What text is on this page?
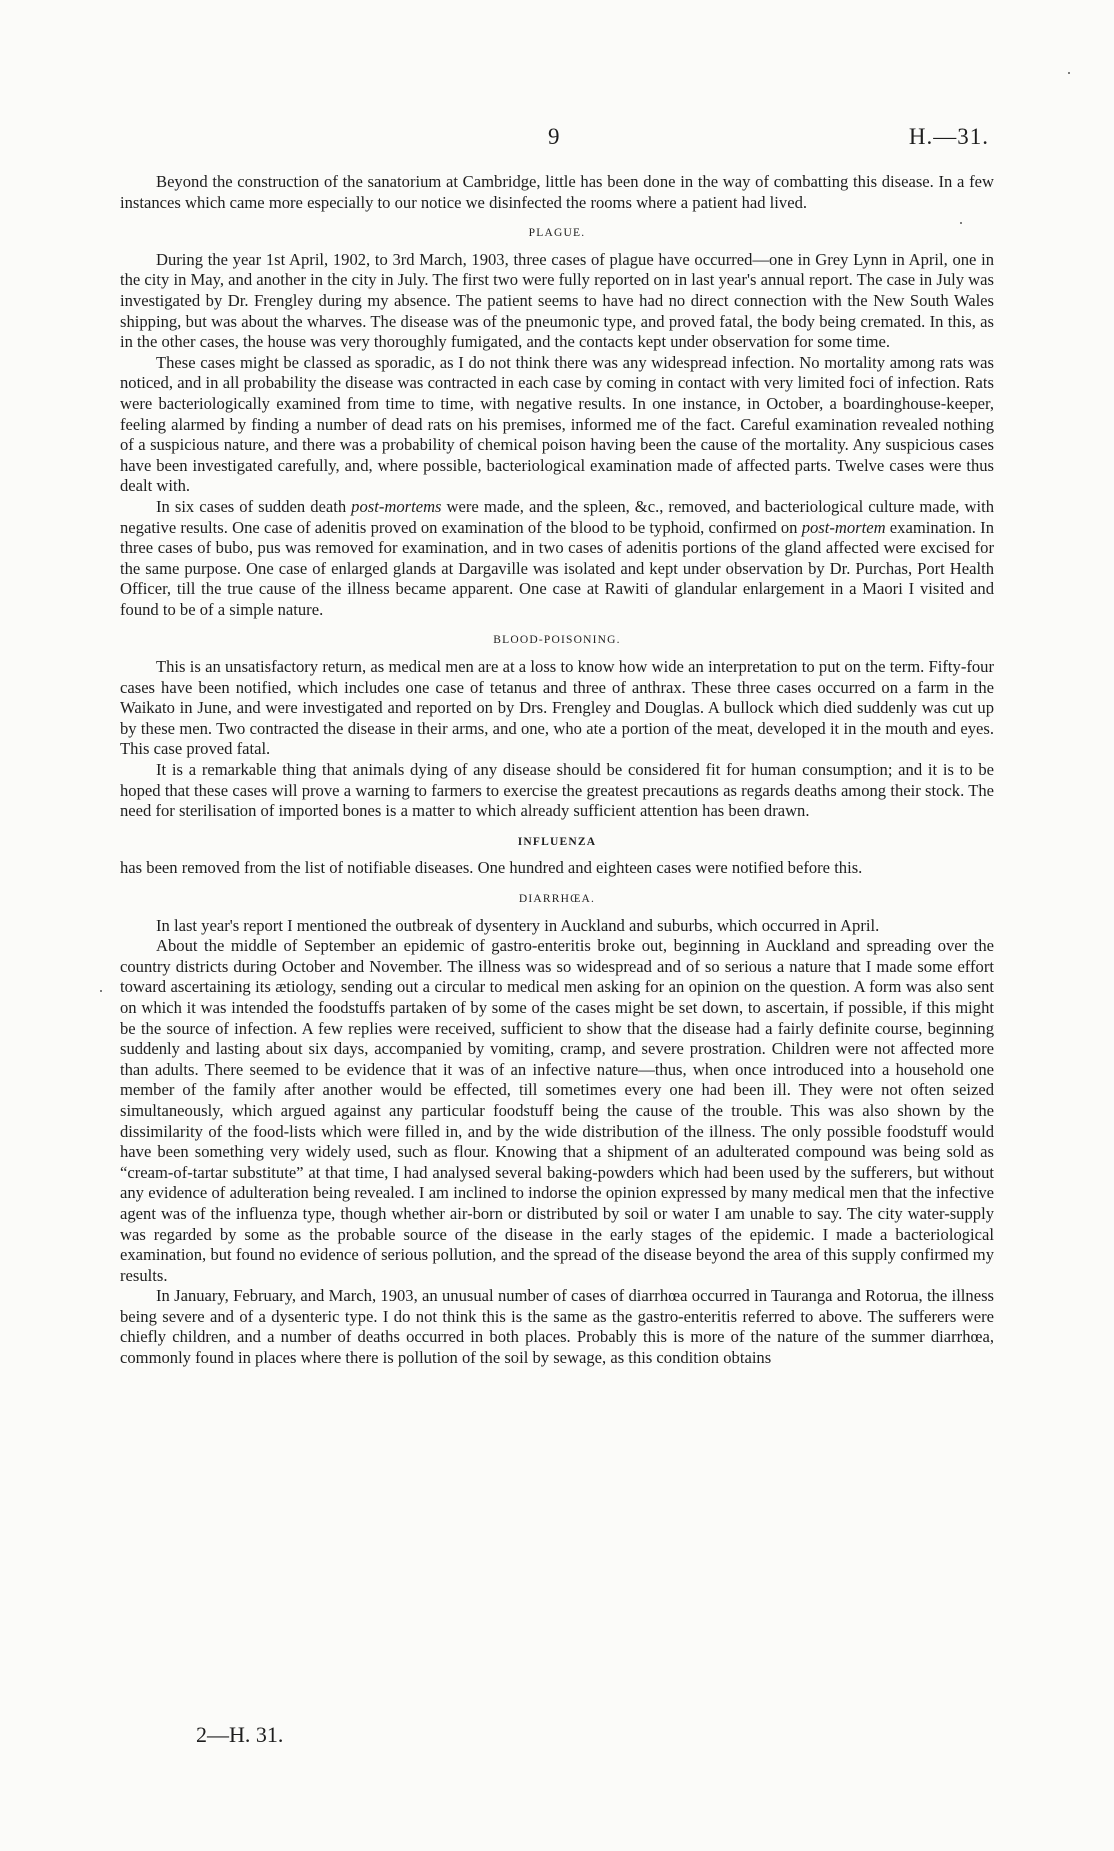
9	H.—31.

Beyond the construction of the sanatorium at Cambridge, little has been done in the way of combatting this disease. In a few instances which came more especially to our notice we disinfected the rooms where a patient had lived.

PLAGUE.

During the year 1st April, 1902, to 3rd March, 1903, three cases of plague have occurred—one in Grey Lynn in April, one in the city in May, and another in the city in July. The first two were fully reported on in last year's annual report. The case in July was investigated by Dr. Frengley during my absence. The patient seems to have had no direct connection with the New South Wales shipping, but was about the wharves. The disease was of the pneumonic type, and proved fatal, the body being cremated. In this, as in the other cases, the house was very thoroughly fumigated, and the contacts kept under observation for some time.

These cases might be classed as sporadic, as I do not think there was any widespread infection. No mortality among rats was noticed, and in all probability the disease was contracted in each case by coming in contact with very limited foci of infection. Rats were bacteriologically examined from time to time, with negative results. In one instance, in October, a boardinghouse-keeper, feeling alarmed by finding a number of dead rats on his premises, informed me of the fact. Careful examination revealed nothing of a suspicious nature, and there was a probability of chemical poison having been the cause of the mortality. Any suspicious cases have been investigated carefully, and, where possible, bacteriological examination made of affected parts. Twelve cases were thus dealt with.

In six cases of sudden death post-mortems were made, and the spleen, &c., removed, and bacteriological culture made, with negative results. One case of adenitis proved on examination of the blood to be typhoid, confirmed on post-mortem examination. In three cases of bubo, pus was removed for examination, and in two cases of adenitis portions of the gland affected were excised for the same purpose. One case of enlarged glands at Dargaville was isolated and kept under observation by Dr. Purchas, Port Health Officer, till the true cause of the illness became apparent. One case at Rawiti of glandular enlargement in a Maori I visited and found to be of a simple nature.

BLOOD-POISONING.

This is an unsatisfactory return, as medical men are at a loss to know how wide an interpretation to put on the term. Fifty-four cases have been notified, which includes one case of tetanus and three of anthrax. These three cases occurred on a farm in the Waikato in June, and were investigated and reported on by Drs. Frengley and Douglas. A bullock which died suddenly was cut up by these men. Two contracted the disease in their arms, and one, who ate a portion of the meat, developed it in the mouth and eyes. This case proved fatal.

It is a remarkable thing that animals dying of any disease should be considered fit for human consumption; and it is to be hoped that these cases will prove a warning to farmers to exercise the greatest precautions as regards deaths among their stock. The need for sterilisation of imported bones is a matter to which already sufficient attention has been drawn.

INFLUENZA

has been removed from the list of notifiable diseases. One hundred and eighteen cases were notified before this.

DIARRHŒA.

In last year's report I mentioned the outbreak of dysentery in Auckland and suburbs, which occurred in April.

About the middle of September an epidemic of gastro-enteritis broke out, beginning in Auckland and spreading over the country districts during October and November. The illness was so widespread and of so serious a nature that I made some effort toward ascertaining its ætiology, sending out a circular to medical men asking for an opinion on the question. A form was also sent on which it was intended the foodstuffs partaken of by some of the cases might be set down, to ascertain, if possible, if this might be the source of infection. A few replies were received, sufficient to show that the disease had a fairly definite course, beginning suddenly and lasting about six days, accompanied by vomiting, cramp, and severe prostration. Children were not affected more than adults. There seemed to be evidence that it was of an infective nature—thus, when once introduced into a household one member of the family after another would be effected, till sometimes every one had been ill. They were not often seized simultaneously, which argued against any particular foodstuff being the cause of the trouble. This was also shown by the dissimilarity of the food-lists which were filled in, and by the wide distribution of the illness. The only possible foodstuff would have been something very widely used, such as flour. Knowing that a shipment of an adulterated compound was being sold as “cream-of-tartar substitute” at that time, I had analysed several baking-powders which had been used by the sufferers, but without any evidence of adulteration being revealed. I am inclined to indorse the opinion expressed by many medical men that the infective agent was of the influenza type, though whether air-born or distributed by soil or water I am unable to say. The city water-supply was regarded by some as the probable source of the disease in the early stages of the epidemic. I made a bacteriological examination, but found no evidence of serious pollution, and the spread of the disease beyond the area of this supply confirmed my results.

In January, February, and March, 1903, an unusual number of cases of diarrhœa occurred in Tauranga and Rotorua, the illness being severe and of a dysenteric type. I do not think this is the same as the gastro-enteritis referred to above. The sufferers were chiefly children, and a number of deaths occurred in both places. Probably this is more of the nature of the summer diarrhœa, commonly found in places where there is pollution of the soil by sewage, as this condition obtains

2—H. 31.
